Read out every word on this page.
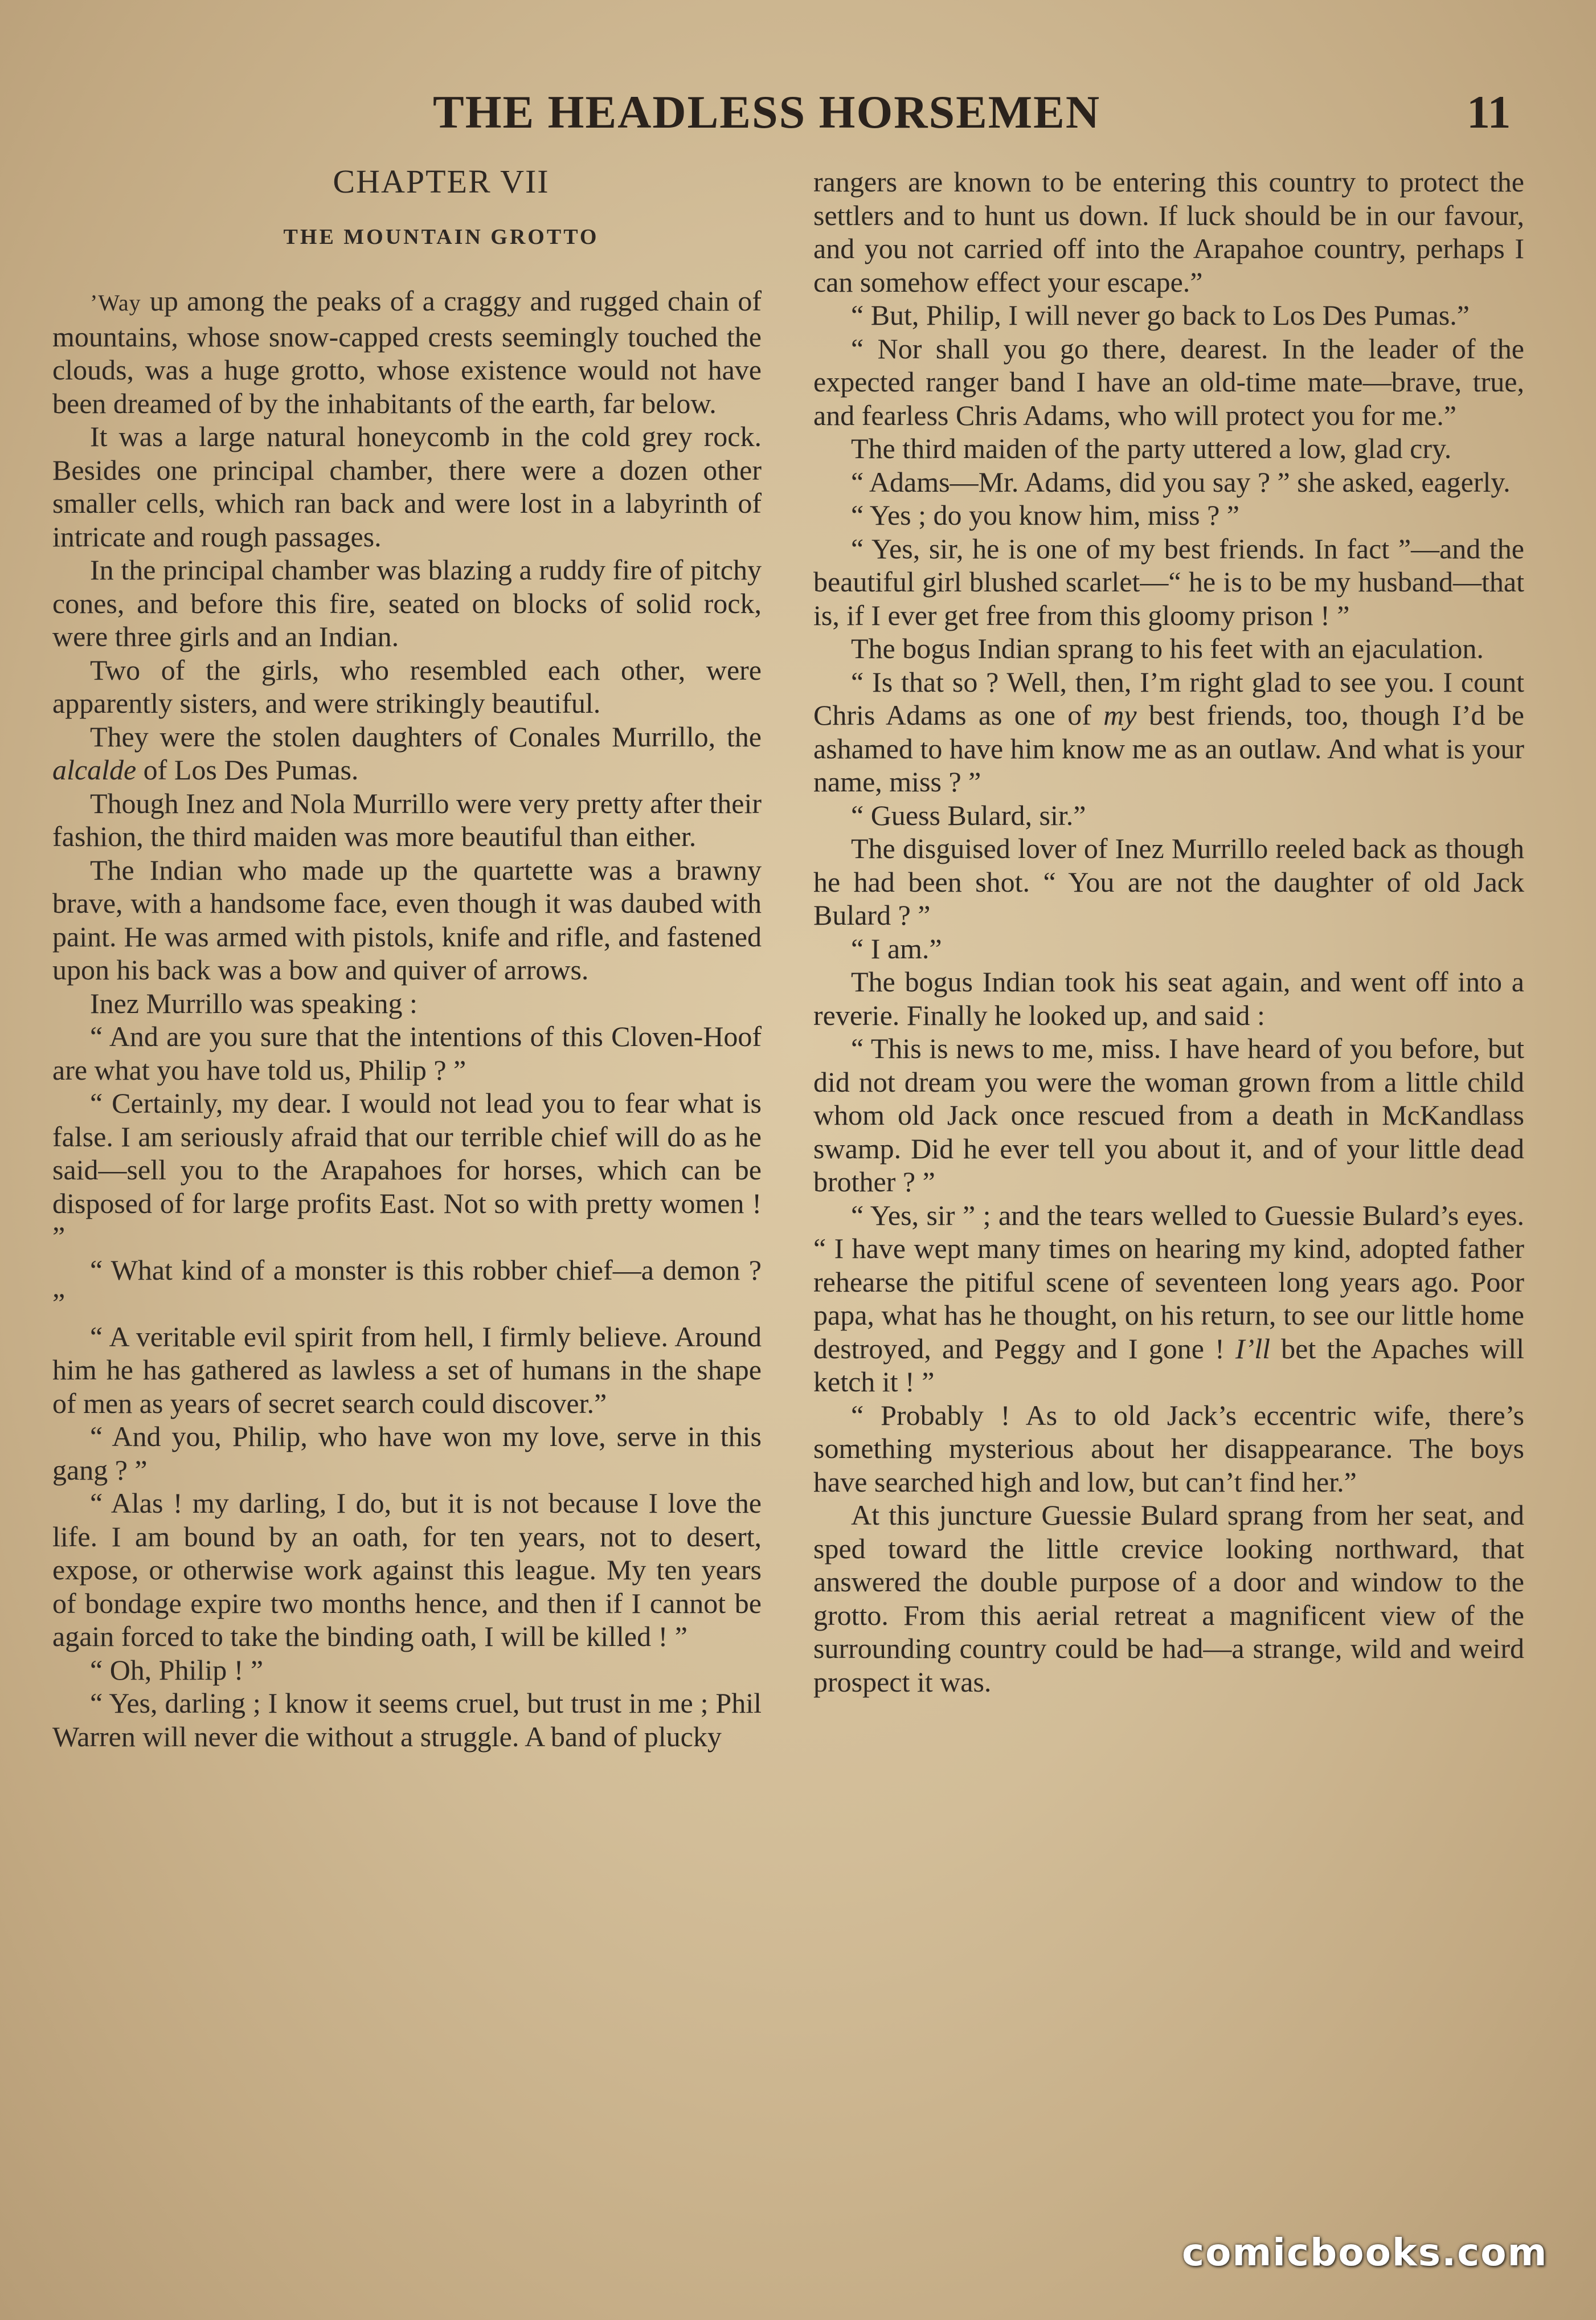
THE HEADLESS HORSEMEN	11
CHAPTER VII
THE MOUNTAIN GROTTO

’Way up among the peaks of a craggy and rugged chain of mountains, whose snow-capped crests seemingly touched the clouds, was a huge grotto, whose existence would not have been dreamed of by the inhabitants of the earth, far below.

It was a large natural honeycomb in the cold grey rock. Besides one principal chamber, there were a dozen other smaller cells, which ran back and were lost in a labyrinth of intricate and rough passages.

In the principal chamber was blazing a ruddy fire of pitchy cones, and before this fire, seated on blocks of solid rock, were three girls and an Indian.

Two of the girls, who resembled each other, were apparently sisters, and were strikingly beautiful.

They were the stolen daughters of Conales Murrillo, the alcalde of Los Des Pumas.

Though Inez and Nola Murrillo were very pretty after their fashion, the third maiden was more beautiful than either.

The Indian who made up the quartette was a brawny brave, with a handsome face, even though it was daubed with paint. He was armed with pistols, knife and rifle, and fastened upon his back was a bow and quiver of arrows.

Inez Murrillo was speaking :

“ And are you sure that the intentions of this Cloven-Hoof are what you have told us, Philip ? ”

“ Certainly, my dear. I would not lead you to fear what is false. I am seriously afraid that our terrible chief will do as he said—sell you to the Arapahoes for horses, which can be disposed of for large profits East. Not so with pretty women ! ”

“ What kind of a monster is this robber chief—a demon ? ”

“ A veritable evil spirit from hell, I firmly believe. Around him he has gathered as lawless a set of humans in the shape of men as years of secret search could discover.”

“ And you, Philip, who have won my love, serve in this gang ? ”

“ Alas ! my darling, I do, but it is not because I love the life. I am bound by an oath, for ten years, not to desert, expose, or otherwise work against this league. My ten years of bondage expire two months hence, and then if I cannot be again forced to take the binding oath, I will be killed ! ”

“ Oh, Philip ! ”

“ Yes, darling ; I know it seems cruel, but trust in me ; Phil Warren will never die without a struggle. A band of plucky

rangers are known to be entering this country to protect the settlers and to hunt us down. If luck should be in our favour, and you not carried off into the Arapahoe country, perhaps I can somehow effect your escape.”

“ But, Philip, I will never go back to Los Des Pumas.”

“ Nor shall you go there, dearest. In the leader of the expected ranger band I have an old-time mate—brave, true, and fearless Chris Adams, who will protect you for me.”

The third maiden of the party uttered a low, glad cry.

“ Adams—Mr. Adams, did you say ? ” she asked, eagerly.

“ Yes ; do you know him, miss ? ”

“ Yes, sir, he is one of my best friends. In fact ”—and the beautiful girl blushed scarlet—“ he is to be my husband—that is, if I ever get free from this gloomy prison ! ”

The bogus Indian sprang to his feet with an ejaculation.

“ Is that so ? Well, then, I’m right glad to see you. I count Chris Adams as one of my best friends, too, though I’d be ashamed to have him know me as an outlaw. And what is your name, miss ? ”

“ Guess Bulard, sir.”

The disguised lover of Inez Murrillo reeled back as though he had been shot. “ You are not the daughter of old Jack Bulard ? ”

“ I am.”

The bogus Indian took his seat again, and went off into a reverie. Finally he looked up, and said :

“ This is news to me, miss. I have heard of you before, but did not dream you were the woman grown from a little child whom old Jack once rescued from a death in McKandlass swamp. Did he ever tell you about it, and of your little dead brother ? ”

“ Yes, sir ” ; and the tears welled to Guessie Bulard’s eyes. “ I have wept many times on hearing my kind, adopted father rehearse the pitiful scene of seventeen long years ago. Poor papa, what has he thought, on his return, to see our little home destroyed, and Peggy and I gone ! I’ll bet the Apaches will ketch it ! ”

“ Probably ! As to old Jack’s eccentric wife, there’s something mysterious about her disappearance. The boys have searched high and low, but can’t find her.”

At this juncture Guessie Bulard sprang from her seat, and sped toward the little crevice looking northward, that answered the double purpose of a door and window to the grotto. From this aerial retreat a magnificent view of the surrounding country could be had—a strange, wild and weird prospect it was.

comicbooks.com
